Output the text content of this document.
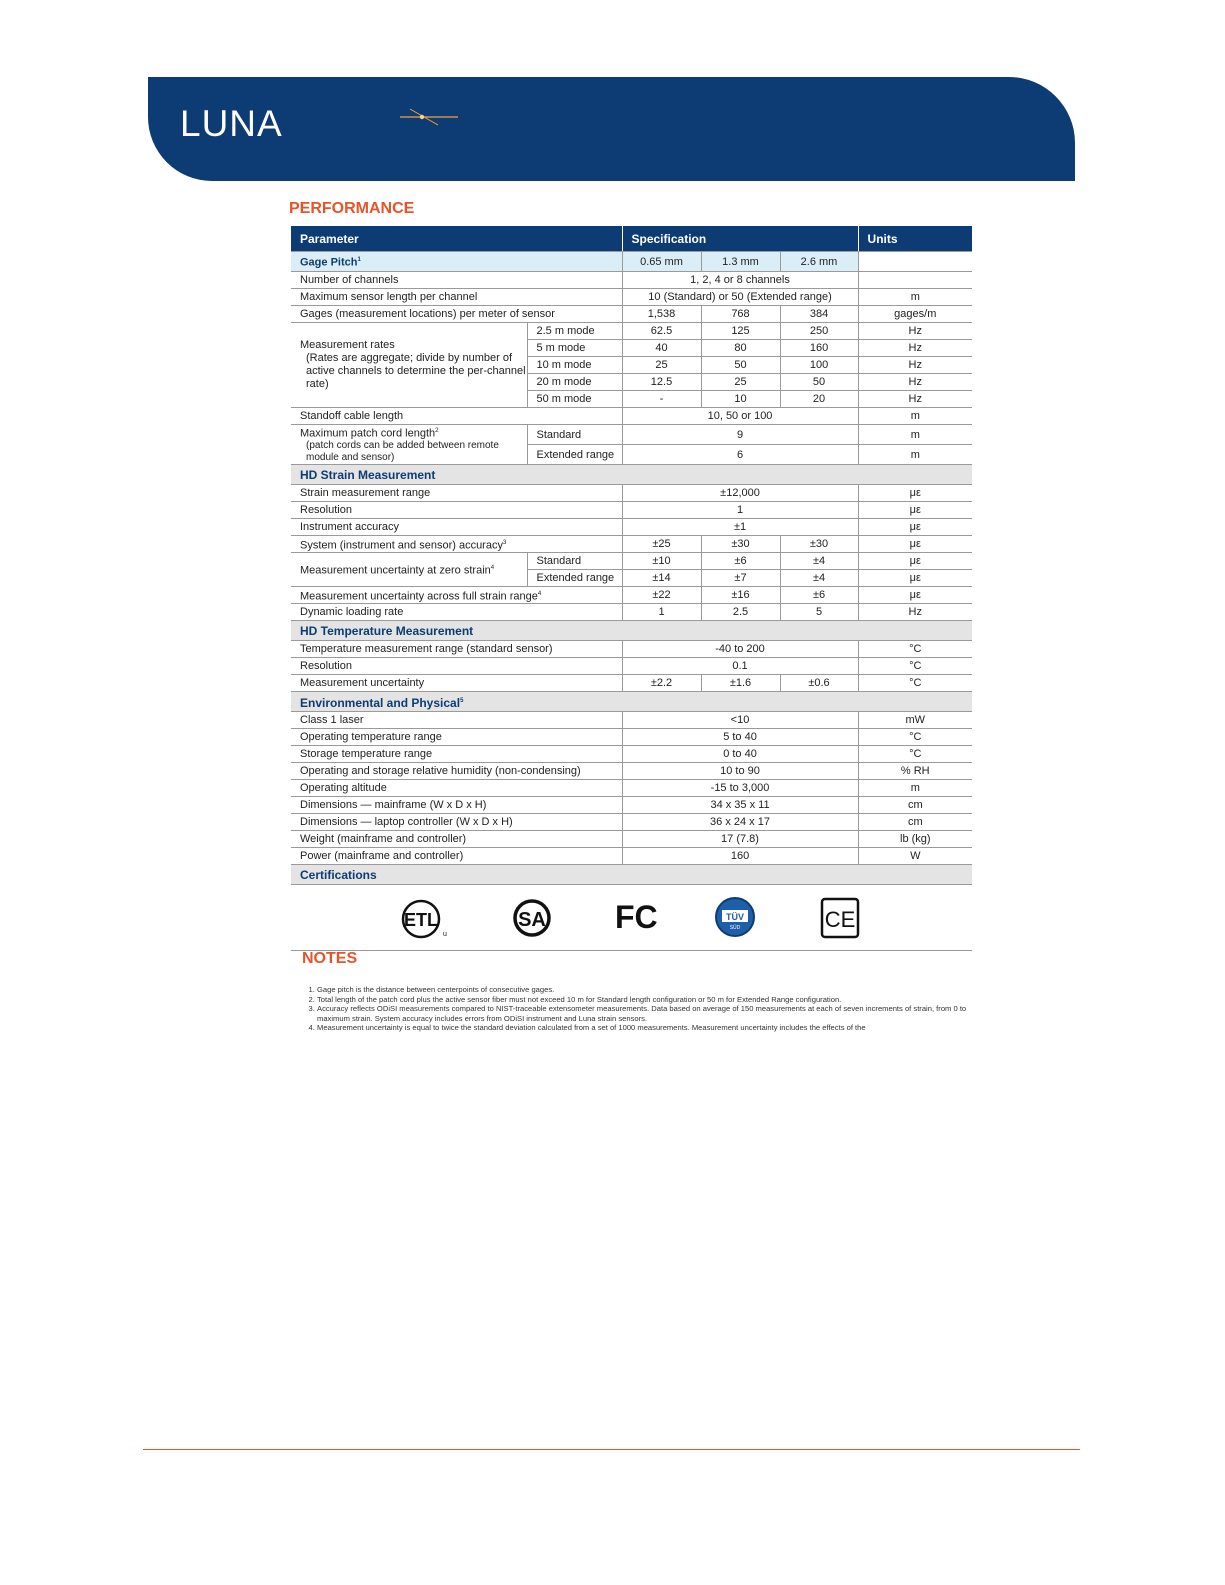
LUNA
PERFORMANCE
Parameter		Specification			Units
Gage Pitch$^1$		0.65 mm	1.3 mm	2.6 mm	
Number of channels		1, 2, 4 or 8 channels			
Maximum sensor length per channel		10 (Standard) or 50 (Extended range)			m
Gages (measurement locations) per meter of sensor		1,538	768	384	gages/m

Measurement rates
(Rates are aggregate; divide by number of active channels to determine the per-channel rate)	2.5 m mode	62.5	125	250	Hz
	5 m mode	40	80	160	Hz
	10 m mode	25	50	100	Hz
	20 m mode	12.5	25	50	Hz
	50 m mode	-	10	20	Hz
Standoff cable length		10, 50 or 100			m

Maximum patch cord length$^2$
(patch cords can be added between remote module and sensor)	Standard	9			m
	Extended range	6			m
HD Strain Measurement					
Strain measurement range		±12,000			με
Resolution		1			με
Instrument accuracy		±1			με
System (instrument and sensor) accuracy$^3$		±25	±30	±30	με
Measurement uncertainty at zero strain$^4$	Standard	±10	±6	±4	με
	Extended range	±14	±7	±4	με
Measurement uncertainty across full strain range$^4$		±22	±16	±6	με
Dynamic loading rate		1	2.5	5	Hz
HD Temperature Measurement					
Temperature measurement range (standard sensor)		-40 to 200			°C
Resolution		0.1			°C
Measurement uncertainty		±2.2	±1.6	±0.6	°C
Environmental and Physical$^5$
Class 1 laser		<10			mW
Operating temperature range		5 to 40			°C
Storage temperature range		0 to 40			°C
Operating and storage relative humidity (non-condensing)		10 to 90			% RH
Operating altitude		-15 to 3,000			m
Dimensions — mainframe (W x D x H)		34 x 35 x 11			cm
Dimensions — laptop controller (W x D x H)		36 x 24 x 17			cm
Weight (mainframe and controller)		17 (7.8)			lb (kg)
Power (mainframe and controller)		160			W
Certifications					
ETL
u
SA FC	TÜV
SÜD	CE
NOTES
1. Gage pitch is the distance between centerpoints of consecutive gages.
2. Total length of the patch cord plus the active sensor fiber must not exceed 10 m for Standard length configuration or 50 m for Extended Range configuration.
3. Accuracy reflects ODiSI measurements compared to NIST-traceable extensometer measurements. Data based on average of 150 measurements at each of seven increments of strain, from 0 to maximum strain. System accuracy includes errors from ODiSI instrument and Luna strain sensors.
4. Measurement uncertainty is equal to twice the standard deviation calculated from a set of 1000 measurements. Measurement uncertainty includes the effects of the
